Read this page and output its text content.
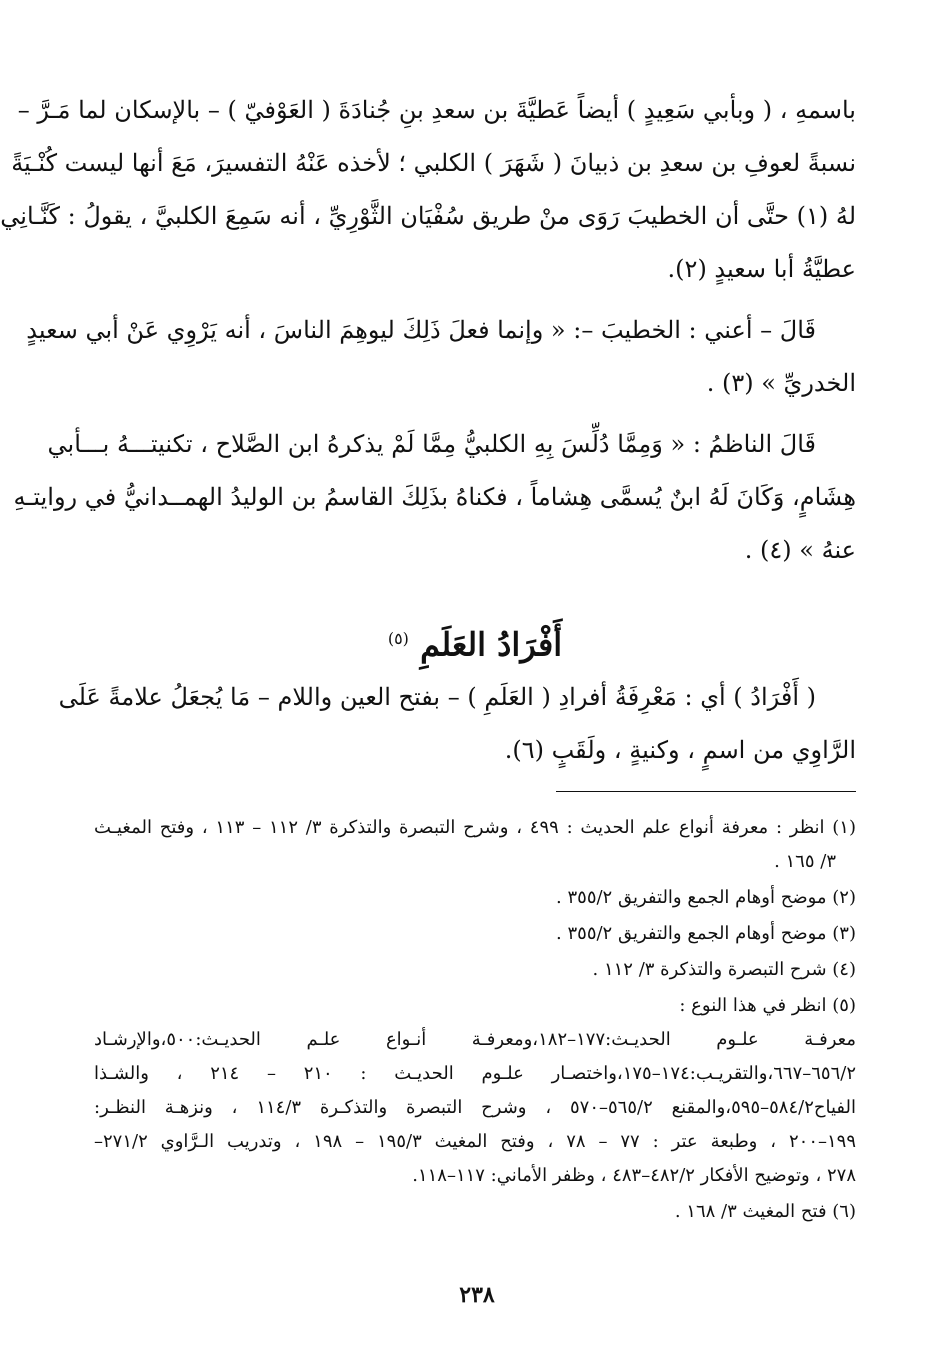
باسمهِ ، ( وبأبي سَعِيدٍ ) أيضاً عَطيَّةَ بن سعدِ بنِ جُنادَةَ ( العَوْفيّ ) – بالإسكان لما مَـرَّ –
نسبةً لعوفِ بن سعدِ بن ذبيانَ ( شَهَرَ ) الكلبي ؛ لأخذه عَنْهُ التفسيرَ، مَعَ أنها ليست كُنْـيَةً
لهُ (١) حتَّى أن الخطيبَ رَوَى منْ طريق سُفْيَان الثَّوْرِيِّ ، أنه سَمِعَ الكلبيَّ ، يقولُ : كَنَّـانِي
عطيَّةُ أبا سعيدٍ (٢).
قَالَ – أعني : الخطيبَ –: « وإنما فعلَ ذَلِكَ ليوهِمَ الناسَ ، أنه يَرْوِي عَنْ أبي سعيدٍ
الخدريِّ » (٣) .
قَالَ الناظمُ : « وَمِمَّا دُلِّسَ بِهِ الكلبيُّ مِمَّا لَمْ يذكرهُ ابن الصَّلاح ، تكنيتـــهُ بـــأبي
هِشَامٍ، وَكَانَ لَهُ ابنٌ يُسمَّى هِشاماً ، فكناهُ بذَلِكَ القاسمُ بن الوليدُ الهمــدانيُّ في روايتـهِ
عنهُ » (٤) .
أَفْرَادُ العَلَمِ $^{(٥)}$
( أَفْرَادُ ) أي : مَعْرِفَةُ أفرادِ ( العَلَمِ ) – بفتح العين واللام – مَا يُجعَلُ علامةً عَلَى
الرَّاوِي من اسمٍ ، وكنيةٍ ، ولَقَبٍ (٦).
(١) انظر : معرفة أنواع علم الحديث : ٤٩٩ ، وشرح التبصرة والتذكرة ٣/ ١١٢ – ١١٣ ، وفتح المغيـث
٣/ ١٦٥ .
(٢) موضح أوهام الجمع والتفريق ٣٥٥/٢ .
(٣) موضح أوهام الجمع والتفريق ٣٥٥/٢ .
(٤) شرح التبصرة والتذكرة ٣/ ١١٢ .
(٥) انظر في هذا النوع :
معرفـة علـوم الحديـث:١٧٧–١٨٢،ومعرفـة أنـواع علـم الحديـث:٥٠٠،والإرشـاد
٦٥٦/٢–٦٦٧،والتقريـب:١٧٤–١٧٥،واختصـار علـوم الحديـث : ٢١٠ – ٢١٤ ، والشـذا
الفياح٥٨٤/٢–٥٩٥،والمقنع ٥٦٥/٢–٥٧٠ ، وشرح التبصرة والتذكـرة ١١٤/٣ ، ونزهـة النظـر:
١٩٩–٢٠٠ ، وطبعة عتر : ٧٧ – ٧٨ ، وفتح المغيث ١٩٥/٣ – ١٩٨ ، وتدريب الـرَّاوي ٢٧١/٢–
٢٧٨ ، وتوضيح الأفكار ٤٨٢/٢–٤٨٣ ، وظفر الأماني: ١١٧–١١٨.
(٦) فتح المغيث ٣/ ١٦٨ .
٢٣٨
